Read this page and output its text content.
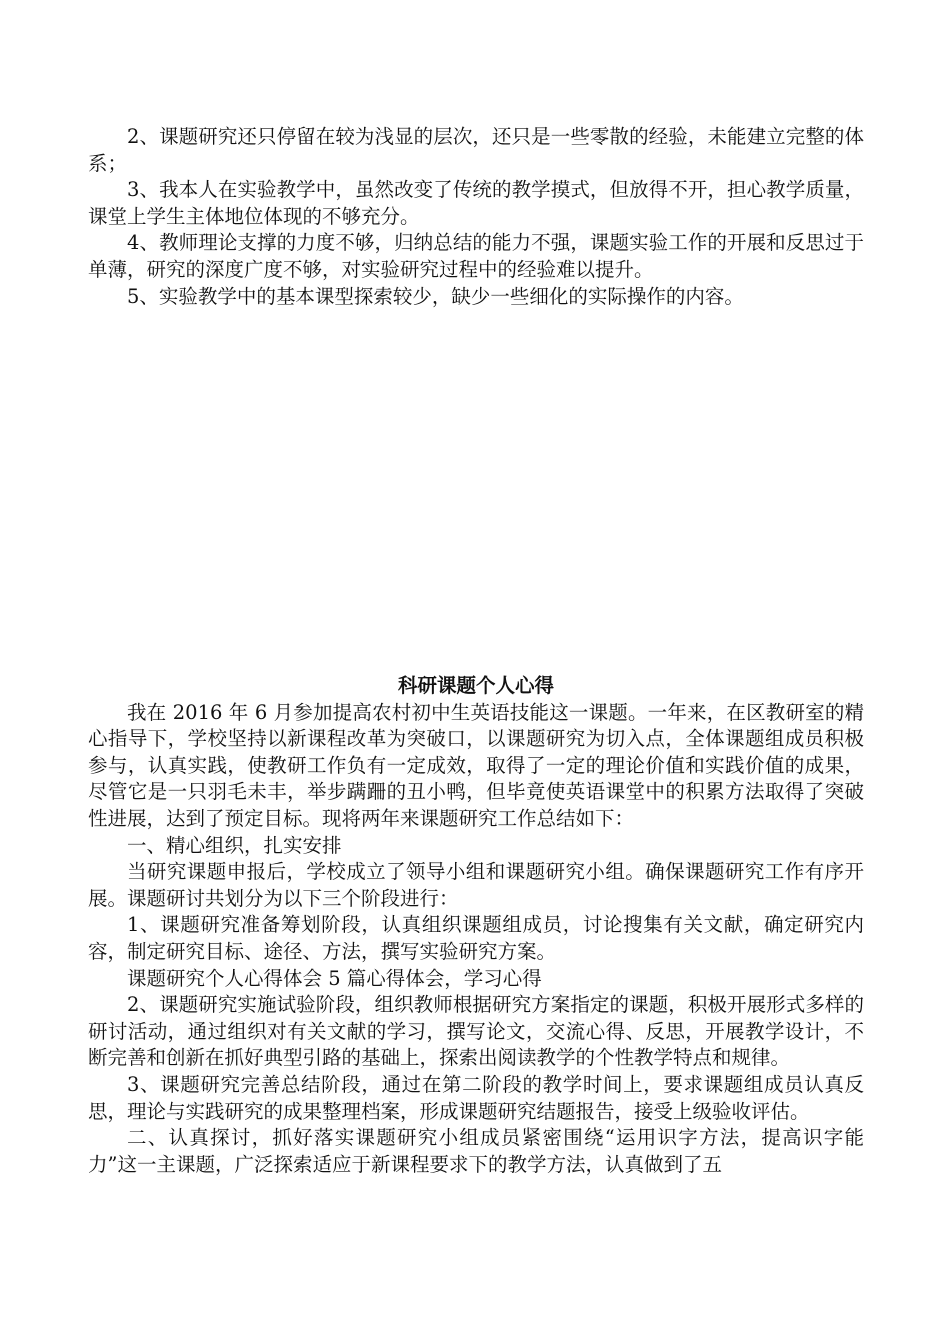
2、课题研究还只停留在较为浅显的层次，还只是一些零散的经验，未能建立完整的体系；

3、我本人在实验教学中，虽然改变了传统的教学摸式，但放得不开，担心教学质量，课堂上学生主体地位体现的不够充分。

4、教师理论支撑的力度不够，归纳总结的能力不强，课题实验工作的开展和反思过于单薄，研究的深度广度不够，对实验研究过程中的经验难以提升。

5、实验教学中的基本课型探索较少，缺少一些细化的实际操作的内容。

科研课题个人心得

我在 2016 年 6 月参加提高农村初中生英语技能这一课题。一年来，在区教研室的精心指导下，学校坚持以新课程改革为突破口，以课题研究为切入点，全体课题组成员积极参与，认真实践，使教研工作负有一定成效，取得了一定的理论价值和实践价值的成果，尽管它是一只羽毛未丰，举步蹒跚的丑小鸭，但毕竟使英语课堂中的积累方法取得了突破性进展，达到了预定目标。现将两年来课题研究工作总结如下：

一、精心组织，扎实安排

当研究课题申报后，学校成立了领导小组和课题研究小组。确保课题研究工作有序开展。课题研讨共划分为以下三个阶段进行：

1、课题研究准备筹划阶段，认真组织课题组成员，讨论搜集有关文献，确定研究内容，制定研究目标、途径、方法，撰写实验研究方案。

课题研究个人心得体会 5 篇心得体会，学习心得

2、课题研究实施试验阶段，组织教师根据研究方案指定的课题，积极开展形式多样的研讨活动，通过组织对有关文献的学习，撰写论文，交流心得、反思，开展教学设计，不断完善和创新在抓好典型引路的基础上，探索出阅读教学的个性教学特点和规律。

3、课题研究完善总结阶段，通过在第二阶段的教学时间上，要求课题组成员认真反思，理论与实践研究的成果整理档案，形成课题研究结题报告，接受上级验收评估。

二、认真探讨，抓好落实课题研究小组成员紧密围绕“运用识字方法，提高识字能力”这一主课题，广泛探索适应于新课程要求下的教学方法，认真做到了五
